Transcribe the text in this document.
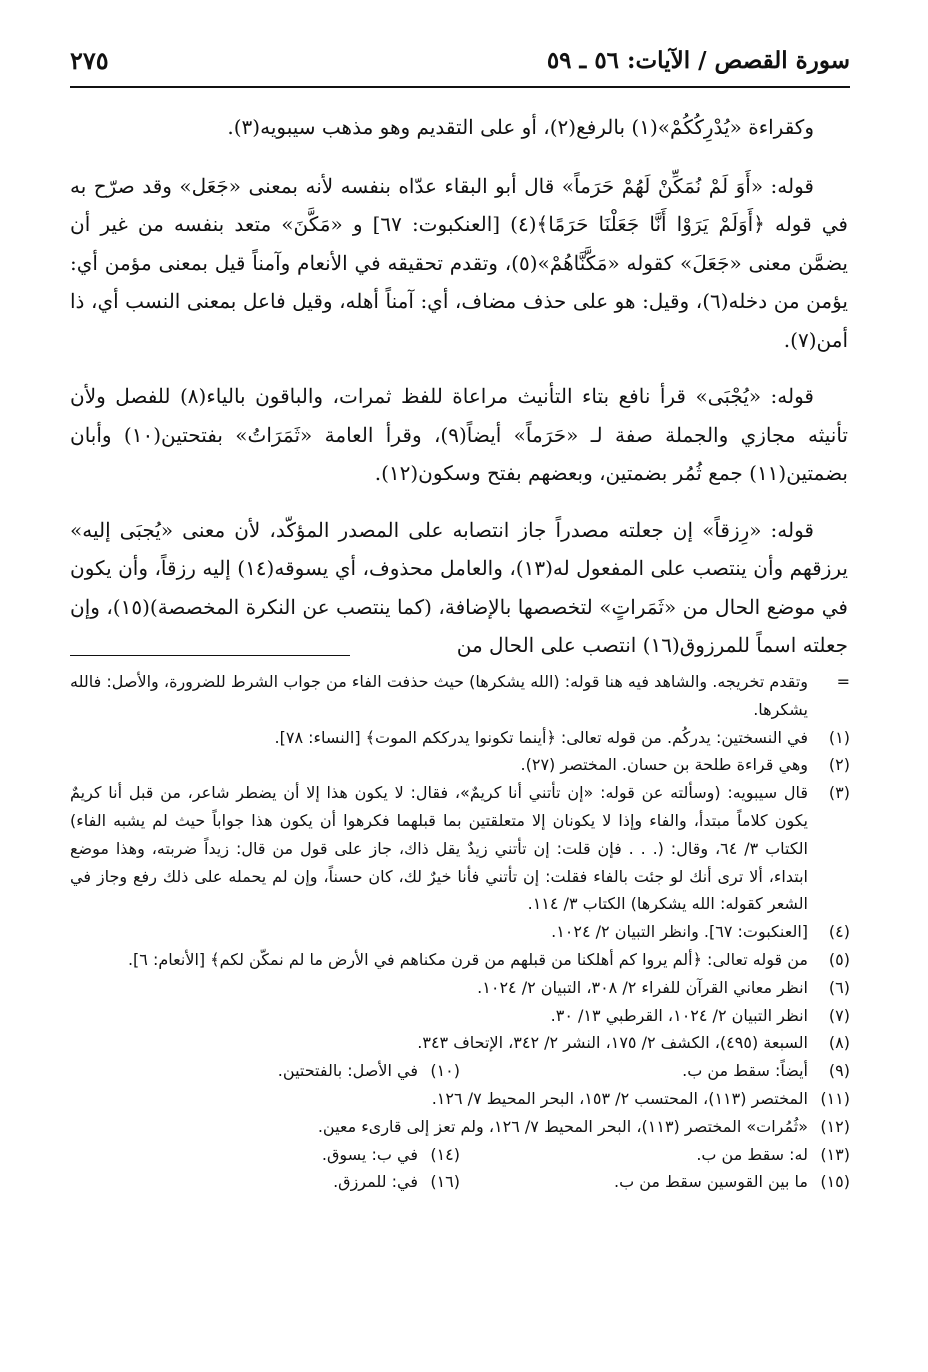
سورة القصص / الآيات: ٥٦ ـ ٥٩
٢٧٥

وكقراءة «يُدْرِكُكُمْ»(١) بالرفع(٢)، أو على التقديم وهو مذهب سيبويه(٣).

قوله: «أَوَ لَمْ نُمَكِّنْ لَهُمْ حَرَماً» قال أبو البقاء عدّاه بنفسه لأنه بمعنى «جَعَل» وقد صرّح به في قوله ﴿أَوَلَمْ يَرَوْا أَنَّا جَعَلْنَا حَرَمًا﴾(٤) [العنكبوت: ٦٧] و «مَكَّنَ» متعد بنفسه من غير أن يضمَّن معنى «جَعَلَ» كقوله «مَكَّنَّاهُمْ»(٥)، وتقدم تحقيقه في الأنعام وآمناً قيل بمعنى مؤمن أي: يؤمن من دخله(٦)، وقيل: هو على حذف مضاف، أي: آمناً أهله، وقيل فاعل بمعنى النسب أي، ذا أمن(٧).

قوله: «يُجْبَى» قرأ نافع بتاء التأنيث مراعاة للفظ ثمرات، والباقون بالياء(٨) للفصل ولأن تأنيثه مجازي والجملة صفة لـ «حَرَماً» أيضاً(٩)، وقرأ العامة «ثَمَرَاتُ» بفتحتين(١٠) وأبان بضمتين(١١) جمع ثُمُر بضمتين، وبعضهم بفتح وسكون(١٢).

قوله: «رِزقاً» إن جعلته مصدراً جاز انتصابه على المصدر المؤكّد، لأن معنى «يُجبَى إليه» يرزقهم وأن ينتصب على المفعول له(١٣)، والعامل محذوف، أي يسوقه(١٤) إليه رزقاً، وأن يكون في موضع الحال من «ثَمَراتٍ» لتخصصها بالإضافة، (كما ينتصب عن النكرة المخصصة)(١٥)، وإن جعلته اسماً للمرزوق(١٦) انتصب على الحال من

=
وتقدم تخريجه. والشاهد فيه هنا قوله: (الله يشكرها) حيث حذفت الفاء من جواب الشرط للضرورة، والأصل: فالله يشكرها.
(١)
في النسختين: يدركُم. من قوله تعالى: ﴿أينما تكونوا يدرككم الموت﴾ [النساء: ٧٨].
(٢)
وهي قراءة طلحة بن حسان. المختصر (٢٧).
(٣)
قال سيبويه: (وسألته عن قوله: «إن تأتني أنا كريمٌ»، فقال: لا يكون هذا إلا أن يضطر شاعر، من قبل أنا كريمٌ يكون كلاماً مبتدأ، والفاء وإذا لا يكونان إلا متعلقتين بما قبلهما فكرهوا أن يكون هذا جواباً حيث لم يشبه الفاء) الكتاب ٣/ ٦٤، وقال: (. . . فإن قلت: إن تأتني زيدٌ يقل ذاك، جاز على قول من قال: زيداً ضربته، وهذا موضع ابتداء، ألا ترى أنك لو جئت بالفاء فقلت: إن تأتني فأنا خيرٌ لك، كان حسناً، وإن لم يحمله على ذلك رفع وجاز في الشعر كقوله: الله يشكرها) الكتاب ٣/ ١١٤.
(٤)
[العنكبوت: ٦٧]. وانظر التبيان ٢/ ١٠٢٤.
(٥)
من قوله تعالى: ﴿ألم يروا كم أهلكنا من قبلهم من قرن مكناهم في الأرض ما لم نمكّن لكم﴾ [الأنعام: ٦].
(٦)
انظر معاني القرآن للفراء ٢/ ٣٠٨، التبيان ٢/ ١٠٢٤.
(٧)
انظر التبيان ٢/ ١٠٢٤، القرطبي ١٣/ ٣٠.
(٨)
السبعة (٤٩٥)، الكشف ٢/ ١٧٥، النشر ٢/ ٣٤٢، الإتحاف ٣٤٣.
(٩)
أيضاً: سقط من ب.
(١٠)
في الأصل: بالفتحتين.
(١١)
المختصر (١١٣)، المحتسب ٢/ ١٥٣، البحر المحيط ٧/ ١٢٦.
(١٢)
«ثُمُرات» المختصر (١١٣)، البحر المحيط ٧/ ١٢٦، ولم تعز إلى قارىء معين.
(١٣)
له: سقط من ب.
(١٤)
في ب: يسوق.
(١٥)
ما بين القوسين سقط من ب.
(١٦)
في: للمرزق.
